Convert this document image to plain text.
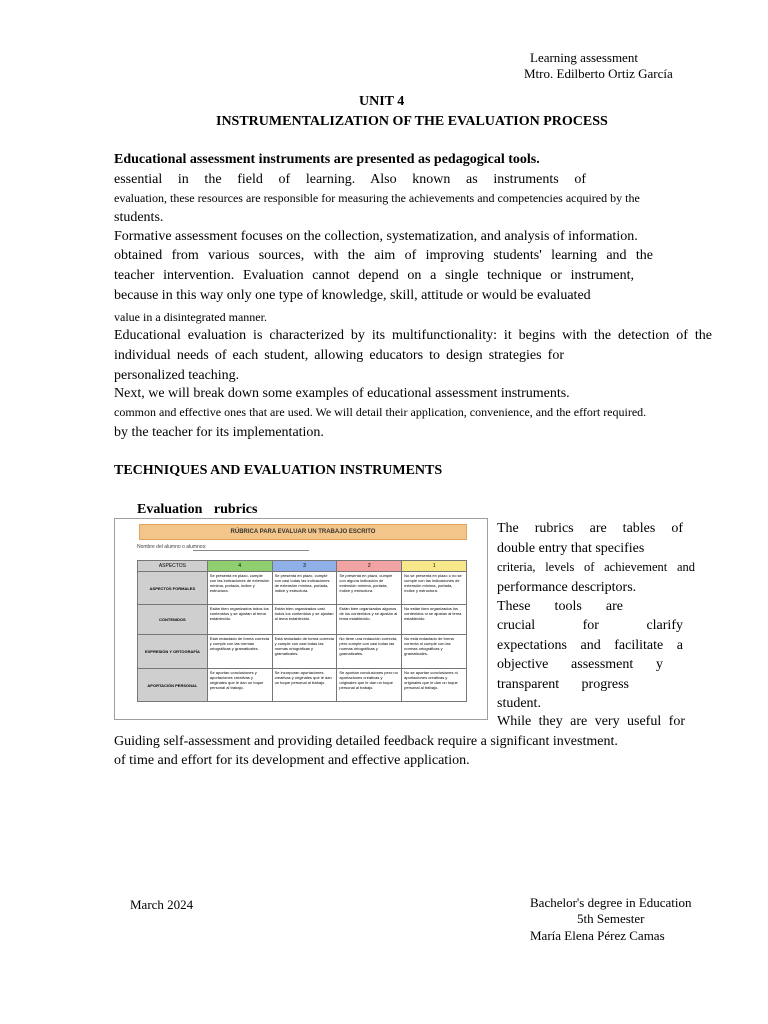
Learning assessment
Mtro. Edilberto Ortiz García
UNIT 4
INSTRUMENTALIZATION OF THE EVALUATION PROCESS
Educational assessment instruments are presented as pedagogical tools.
essential in the field of learning. Also known as instruments of
evaluation, these resources are responsible for measuring the achievements and competencies acquired by the
students.
Formative assessment focuses on the collection, systematization, and analysis of information.
obtained from various sources, with the aim of improving students' learning and the
teacher intervention. Evaluation cannot depend on a single technique or instrument,
because in this way only one type of knowledge, skill, attitude or would be evaluated
value in a disintegrated manner.
Educational evaluation is characterized by its multifunctionality: it begins with the detection of the
individual needs of each student, allowing educators to design strategies for
personalized teaching.
Next, we will break down some examples of educational assessment instruments.
common and effective ones that are used. We will detail their application, convenience, and the effort required.
by the teacher for its implementation.
TECHNIQUES AND EVALUATION INSTRUMENTS
Evaluation rubrics
RÚBRICA PARA EVALUAR UN TRABAJO ESCRITO
Nombre del alumno o alumnos:
ASPECTOS	4	3	2	1
ASPECTOS FORMALES	Se presenta en plazo, cumple con las indicaciones de extensión mínima, portada, índice y estructura.	Se presenta en plazo, cumple con casi todas las indicaciones de extensión mínima, portada, índice y estructura.	Se presenta en plazo, cumple con alguna indicación de extensión mínima, portada, índice y estructura.	No se presenta en plazo o no se cumple con las indicaciones de extensión mínima, portada, índice y estructura.
CONTENIDOS	Están bien organizados todos los contenidos y se ajustan al tema establecido.	Están bien organizados casi todos los contenidos y se ajustan al tema establecido.	Están bien organizados algunos de los contenidos y se ajustan al tema establecido.	No están bien organizados los contenidos ni se ajustan al tema establecido.
EXPRESIÓN Y ORTOGRAFÍA	Está redactado de forma correcta y cumple con las normas ortográficas y gramaticales.	Está redactado de forma correcta y cumple con casi todas las normas ortográficas y gramaticales.	No tiene una redacción correcta, pero cumple con casi todas las normas ortográficas y gramaticales.	No está redactado de forma correcta ni cumple con las normas ortográficas y gramaticales.
APORTACIÓN PERSONAL	Se aportan conclusiones y aportaciones creativas y originales que le dan un toque personal al trabajo.	Se incorporan aportaciones creativas y originales que le dan un toque personal al trabajo.	Se aportan conclusiones pero no aportaciones creativas y originales que le dan un toque personal al trabajo.	No se aportan conclusiones ni aportaciones creativas y originales que le dan un toque personal al trabajo.
The rubrics are tables of
double entry that specifies
criteria, levels of achievement and
performance descriptors.
These tools are
crucial for clarify
expectations and facilitate a
objective assessment y
transparent progress
student.
While they are very useful for
Guiding self-assessment and providing detailed feedback require a significant investment.
of time and effort for its development and effective application.
March 2024	Bachelor's degree in Education
5th Semester
María Elena Pérez Camas
